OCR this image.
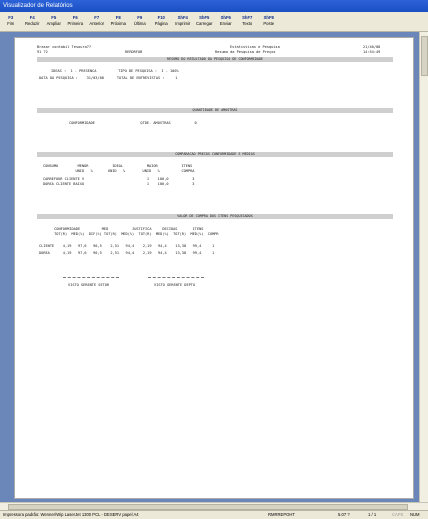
Visualizador de Relatórios
F3
Fim
F4
Reduzir
F5
Ampliar
F6
Primeira
F7
Anterior
F8
Próxima
F9
Última
F10
Página
ShF4
Imprimir
ShF5
Carregar
ShF6
Enviar
ShF7
Texto
ShF8
Poste
Brasar contabil Tesoura??
91 ?2	RERDRFOB
Estatisticas e Pesquisa
Resumo da Pesquisa de Preços
21/40/08
14:54:49
RESUMO DO RESULTADO DA PESQUISA DE CONFORMIDADE
IDEAS :  1 - PRESENCA          TIPO DE PESQUISA :  I - 100%
DATA DA PESQUISA :    31/03/08      TOTAL DE ENTREVISTAS :     1
QUANTIDADE DE AMOSTRAS
CONFORMIDADE                     QTDE. AMOSTRAS           0
COMPARACAO PRECOS CONFORMIDADE E MEDIAS
CONSUMO         MENOR           IDEAL           MAIOR           ITENS
UNID   %       UNID   %        UNID   %          COMPRA
CARREFOUR CLIENTE V                             1    100,0           3
DOREA CLIENTE BAIXO                             1    100,0           3
VALOR DE COMPRA DOS ITENS PESQUISADOS
CONFORMIDADE          MED           JUSTIFICA     DECIDAS       ITENS
TOT(R)  MED(%)  DIF(%) TOT(R)  MED(%)  TOT(R)  MED(%)  TOT(R)  MED(%)  COMPR
CLIENTE    4,19   97,6   90,5    2,51   94,4    2,19   94,4    13,38   99,4     1
DOREA      4,19   97,6   90,5    2,51   94,4    2,19   94,4    13,38   99,4     1
VISTO GERENTE SETOR	VISTO GERENTE DEPTO
Impressora padrão: Wenner/Wip LaserJet 1300 PCL - DESERV papel A4	RMRREPOHT	5.07 ?	1 / 1	CAPS NUM
